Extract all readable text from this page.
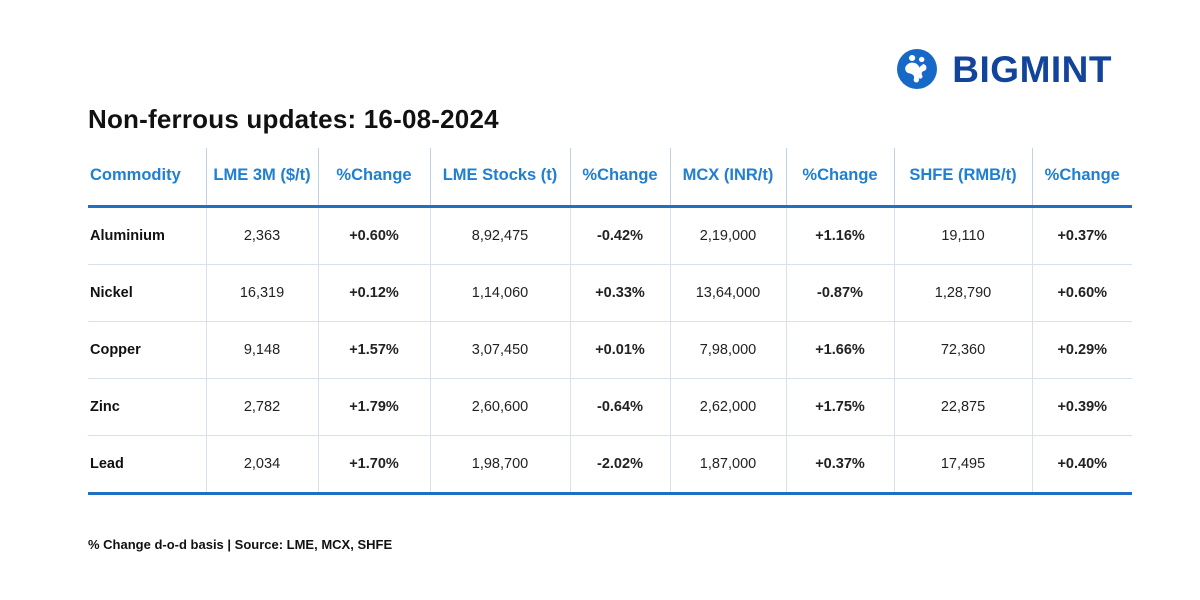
BIGMINT
Non-ferrous updates: 16-08-2024
Commodity	LME 3M ($/t)	%Change	LME Stocks (t)	%Change	MCX (INR/t)	%Change	SHFE (RMB/t)	%Change
Aluminium	2,363	+0.60%	8,92,475	-0.42%	2,19,000	+1.16%	19,110	+0.37%
Nickel	16,319	+0.12%	1,14,060	+0.33%	13,64,000	-0.87%	1,28,790	+0.60%
Copper	9,148	+1.57%	3,07,450	+0.01%	7,98,000	+1.66%	72,360	+0.29%
Zinc	2,782	+1.79%	2,60,600	-0.64%	2,62,000	+1.75%	22,875	+0.39%
Lead	2,034	+1.70%	1,98,700	-2.02%	1,87,000	+0.37%	17,495	+0.40%
% Change d-o-d basis | Source: LME, MCX, SHFE
